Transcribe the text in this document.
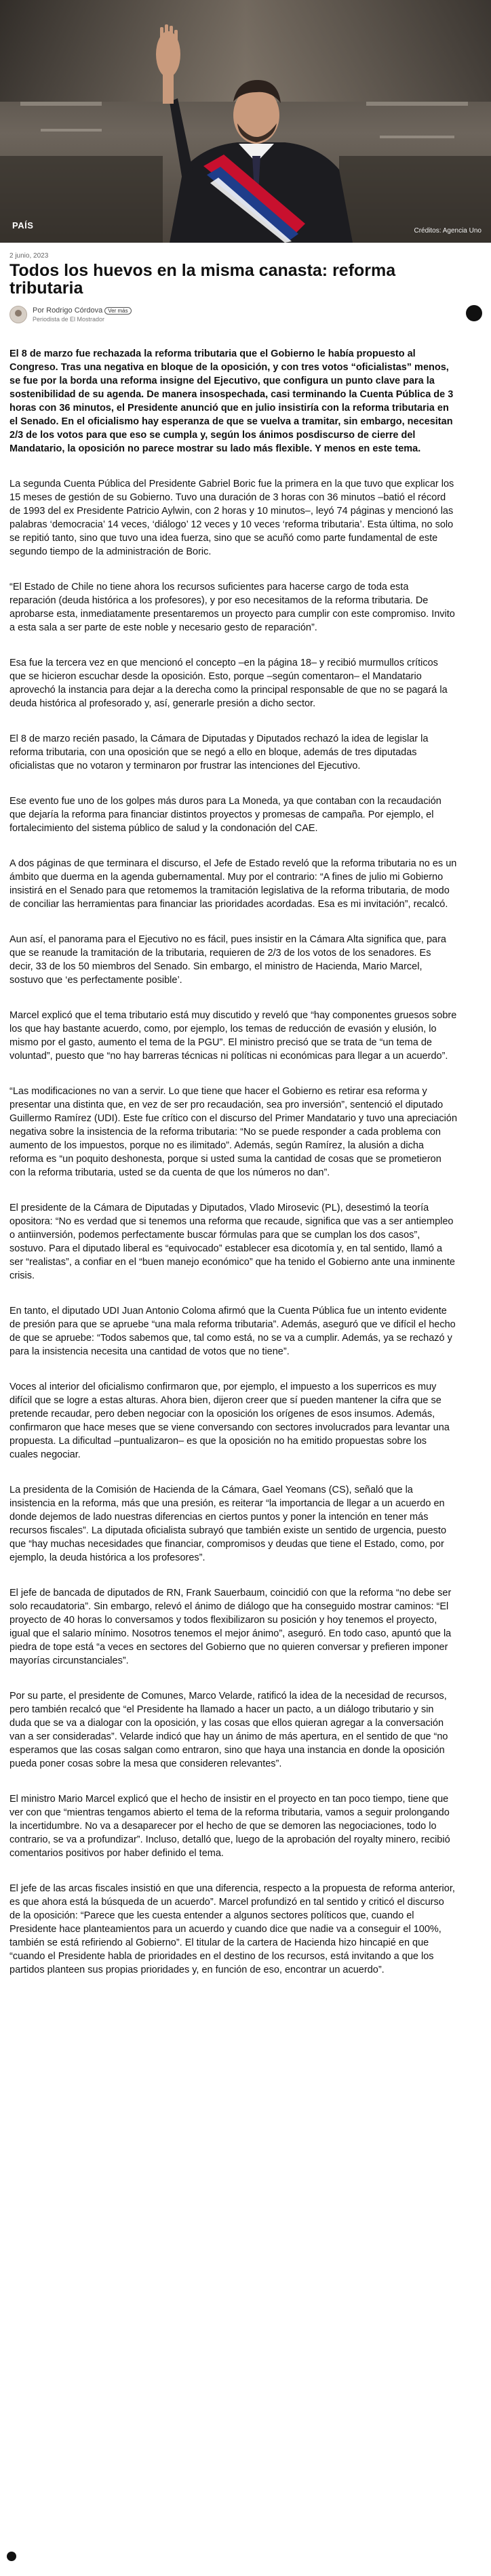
PAÍS
Créditos: Agencia Uno
2 junio, 2023
Todos los huevos en la misma canasta: reforma tributaria
Por Rodrigo Córdova	Ver más
Periodista de El Mostrador

El 8 de marzo fue rechazada la reforma tributaria que el Gobierno le había propuesto al Congreso. Tras una negativa en bloque de la oposición, y con tres votos “oficialistas” menos, se fue por la borda una reforma insigne del Ejecutivo, que configura un punto clave para la sostenibilidad de su agenda. De manera insospechada, casi terminando la Cuenta Pública de 3 horas con 36 minutos, el Presidente anunció que en julio insistiría con la reforma tributaria en el Senado. En el oficialismo hay esperanza de que se vuelva a tramitar, sin embargo, necesitan 2/3 de los votos para que eso se cumpla y, según los ánimos posdiscurso de cierre del Mandatario, la oposición no parece mostrar su lado más flexible. Y menos en este tema.

La segunda Cuenta Pública del Presidente Gabriel Boric fue la primera en la que tuvo que explicar los 15 meses de gestión de su Gobierno. Tuvo una duración de 3 horas con 36 minutos –batió el récord de 1993 del ex Presidente Patricio Aylwin, con 2 horas y 10 minutos–, leyó 74 páginas y mencionó las palabras ‘democracia’ 14 veces, ‘diálogo’ 12 veces y 10 veces ‘reforma tributaria’. Esta última, no solo se repitió tanto, sino que tuvo una idea fuerza, sino que se acuñó como parte fundamental de este segundo tiempo de la administración de Boric.

“El Estado de Chile no tiene ahora los recursos suficientes para hacerse cargo de toda esta reparación (deuda histórica a los profesores), y por eso necesitamos de la reforma tributaria. De aprobarse esta, inmediatamente presentaremos un proyecto para cumplir con este compromiso. Invito a esta sala a ser parte de este noble y necesario gesto de reparación”.

Esa fue la tercera vez en que mencionó el concepto –en la página 18– y recibió murmullos críticos que se hicieron escuchar desde la oposición. Esto, porque –según comentaron– el Mandatario aprovechó la instancia para dejar a la derecha como la principal responsable de que no se pagará la deuda histórica al profesorado y, así, generarle presión a dicho sector.

El 8 de marzo recién pasado, la Cámara de Diputadas y Diputados rechazó la idea de legislar la reforma tributaria, con una oposición que se negó a ello en bloque, además de tres diputadas oficialistas que no votaron y terminaron por frustrar las intenciones del Ejecutivo.

Ese evento fue uno de los golpes más duros para La Moneda, ya que contaban con la recaudación que dejaría la reforma para financiar distintos proyectos y promesas de campaña. Por ejemplo, el fortalecimiento del sistema público de salud y la condonación del CAE.

A dos páginas de que terminara el discurso, el Jefe de Estado reveló que la reforma tributaria no es un ámbito que duerma en la agenda gubernamental. Muy por el contrario: “A fines de julio mi Gobierno insistirá en el Senado para que retomemos la tramitación legislativa de la reforma tributaria, de modo de conciliar las herramientas para financiar las prioridades acordadas. Esa es mi invitación”, recalcó.

Aun así, el panorama para el Ejecutivo no es fácil, pues insistir en la Cámara Alta significa que, para que se reanude la tramitación de la tributaria, requieren de 2/3 de los votos de los senadores. Es decir, 33 de los 50 miembros del Senado. Sin embargo, el ministro de Hacienda, Mario Marcel, sostuvo que ‘es perfectamente posible’.

Marcel explicó que el tema tributario está muy discutido y reveló que “hay componentes gruesos sobre los que hay bastante acuerdo, como, por ejemplo, los temas de reducción de evasión y elusión, lo mismo por el gasto, aumento el tema de la PGU”. El ministro precisó que se trata de “un tema de voluntad”, puesto que “no hay barreras técnicas ni políticas ni económicas para llegar a un acuerdo”.

“Las modificaciones no van a servir. Lo que tiene que hacer el Gobierno es retirar esa reforma y presentar una distinta que, en vez de ser pro recaudación, sea pro inversión”, sentenció el diputado Guillermo Ramírez (UDI). Este fue crítico con el discurso del Primer Mandatario y tuvo una apreciación negativa sobre la insistencia de la reforma tributaria: “No se puede responder a cada problema con aumento de los impuestos, porque no es ilimitado”. Además, según Ramírez, la alusión a dicha reforma es “un poquito deshonesta, porque si usted suma la cantidad de cosas que se prometieron con la reforma tributaria, usted se da cuenta de que los números no dan”.

El presidente de la Cámara de Diputadas y Diputados, Vlado Mirosevic (PL), desestimó la teoría opositora: “No es verdad que si tenemos una reforma que recaude, significa que vas a ser antiempleo o antiinversión, podemos perfectamente buscar fórmulas para que se cumplan los dos casos”, sostuvo. Para el diputado liberal es “equivocado” establecer esa dicotomía y, en tal sentido, llamó a ser “realistas”, a confiar en el “buen manejo económico” que ha tenido el Gobierno ante una inminente crisis.

En tanto, el diputado UDI Juan Antonio Coloma afirmó que la Cuenta Pública fue un intento evidente de presión para que se apruebe “una mala reforma tributaria”. Además, aseguró que ve difícil el hecho de que se apruebe: “Todos sabemos que, tal como está, no se va a cumplir. Además, ya se rechazó y para la insistencia necesita una cantidad de votos que no tiene”.

Voces al interior del oficialismo confirmaron que, por ejemplo, el impuesto a los superricos es muy difícil que se logre a estas alturas. Ahora bien, dijeron creer que sí pueden mantener la cifra que se pretende recaudar, pero deben negociar con la oposición los orígenes de esos insumos. Además, confirmaron que hace meses que se viene conversando con sectores involucrados para levantar una propuesta. La dificultad –puntualizaron– es que la oposición no ha emitido propuestas sobre los cuales negociar.

La presidenta de la Comisión de Hacienda de la Cámara, Gael Yeomans (CS), señaló que la insistencia en la reforma, más que una presión, es reiterar “la importancia de llegar a un acuerdo en donde dejemos de lado nuestras diferencias en ciertos puntos y poner la intención en tener más recursos fiscales”. La diputada oficialista subrayó que también existe un sentido de urgencia, puesto que “hay muchas necesidades que financiar, compromisos y deudas que tiene el Estado, como, por ejemplo, la deuda histórica a los profesores”.

El jefe de bancada de diputados de RN, Frank Sauerbaum, coincidió con que la reforma “no debe ser solo recaudatoria”. Sin embargo, relevó el ánimo de diálogo que ha conseguido mostrar caminos: “El proyecto de 40 horas lo conversamos y todos flexibilizaron su posición y hoy tenemos el proyecto, igual que el salario mínimo. Nosotros tenemos el mejor ánimo”, aseguró. En todo caso, apuntó que la piedra de tope está “a veces en sectores del Gobierno que no quieren conversar y prefieren imponer mayorías circunstanciales”.

Por su parte, el presidente de Comunes, Marco Velarde, ratificó la idea de la necesidad de recursos, pero también recalcó que “el Presidente ha llamado a hacer un pacto, a un diálogo tributario y sin duda que se va a dialogar con la oposición, y las cosas que ellos quieran agregar a la conversación van a ser consideradas”. Velarde indicó que hay un ánimo de más apertura, en el sentido de que “no esperamos que las cosas salgan como entraron, sino que haya una instancia en donde la oposición pueda poner cosas sobre la mesa que consideren relevantes”.

El ministro Mario Marcel explicó que el hecho de insistir en el proyecto en tan poco tiempo, tiene que ver con que “mientras tengamos abierto el tema de la reforma tributaria, vamos a seguir prolongando la incertidumbre. No va a desaparecer por el hecho de que se demoren las negociaciones, todo lo contrario, se va a profundizar”. Incluso, detalló que, luego de la aprobación del royalty minero, recibió comentarios positivos por haber definido el tema.

El jefe de las arcas fiscales insistió en que una diferencia, respecto a la propuesta de reforma anterior, es que ahora está la búsqueda de un acuerdo”. Marcel profundizó en tal sentido y criticó el discurso de la oposición: “Parece que les cuesta entender a algunos sectores políticos que, cuando el Presidente hace planteamientos para un acuerdo y cuando dice que nadie va a conseguir el 100%, también se está refiriendo al Gobierno”. El titular de la cartera de Hacienda hizo hincapié en que “cuando el Presidente habla de prioridades en el destino de los recursos, está invitando a que los partidos planteen sus propias prioridades y, en función de eso, encontrar un acuerdo”.
